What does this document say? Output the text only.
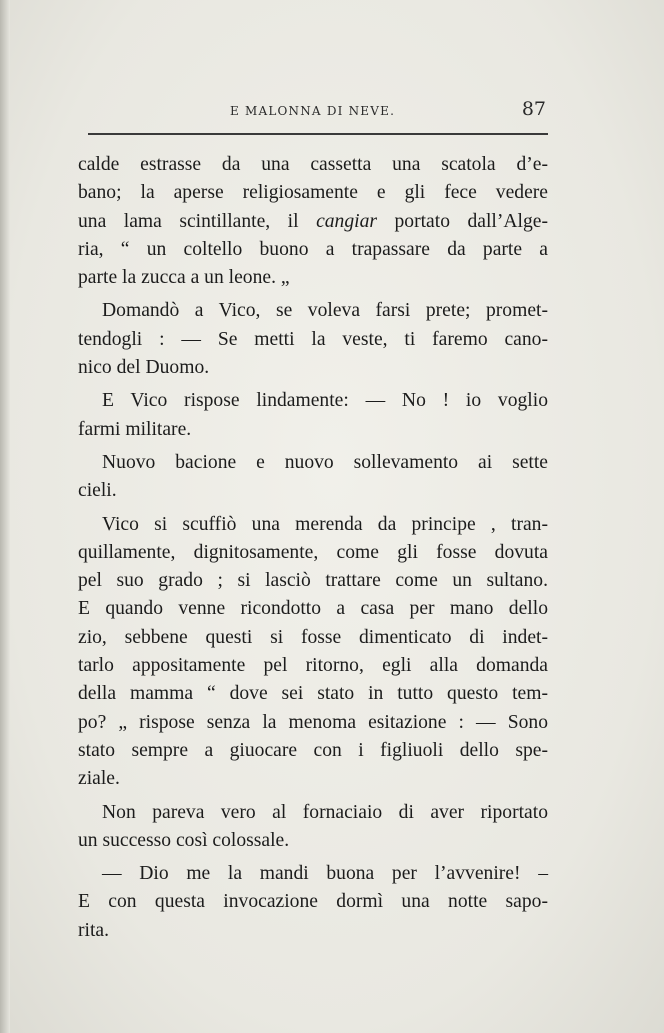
E MALONNA DI NEVE.	87
calde estrasse da una cassetta una scatola d’e-
bano; la aperse religiosamente e gli fece vedere
una lama scintillante, il cangiar portato dall’Alge-
ria, “ un coltello buono a trapassare da parte a
parte la zucca a un leone. „
Domandò a Vico, se voleva farsi prete; promet-
tendogli : — Se metti la veste, ti faremo cano-
nico del Duomo.
E Vico rispose lindamente: — No ! io voglio
farmi militare.
Nuovo bacione e nuovo sollevamento ai sette
cieli.
Vico si scuffiò una merenda da principe , tran-
quillamente, dignitosamente, come gli fosse dovuta
pel suo grado ; si lasciò trattare come un sultano.
E quando venne ricondotto a casa per mano dello
zio, sebbene questi si fosse dimenticato di indet-
tarlo appositamente pel ritorno, egli alla domanda
della mamma “ dove sei stato in tutto questo tem-
po? „ rispose senza la menoma esitazione : — Sono
stato sempre a giuocare con i figliuoli dello spe-
ziale.
Non pareva vero al fornaciaio di aver riportato
un successo così colossale.
— Dio me la mandi buona per l’avvenire! –
E con questa invocazione dormì una notte sapo-
rita.
